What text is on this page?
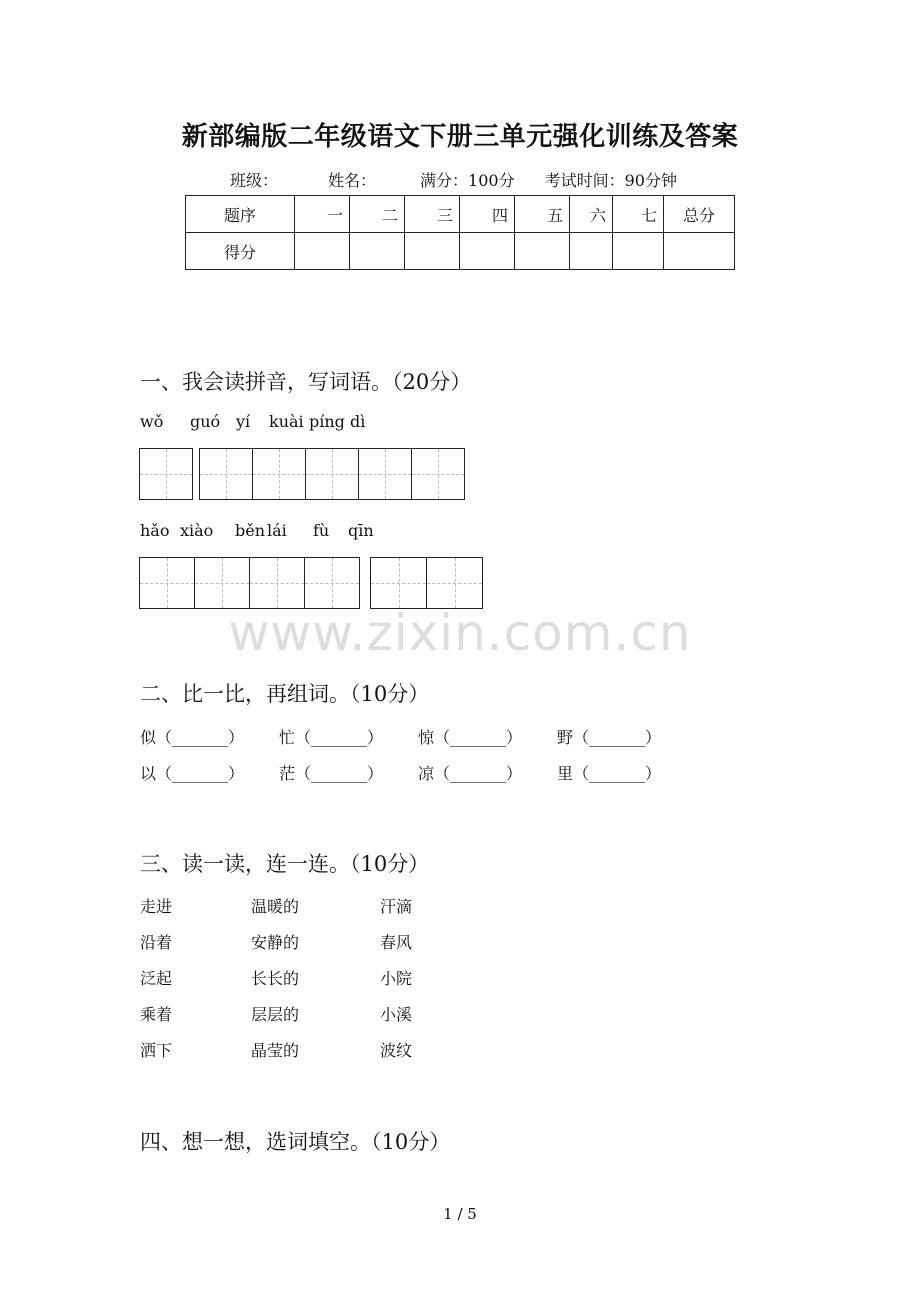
新部编版二年级语文下册三单元强化训练及答案
班级：	姓名：	满分：100分 考试时间：90分钟
题序	一	二	三	四	五	六	七	总分
得分								
一、我会读拼音，写词语。（20分）
wǒ guó yí kuài píng dì
hǎo xiào běn lái fù qīn
www.zixin.com.cn
二、比一比，再组词。（10分）
似（_______） 忙（_______） 惊（_______） 野（_______）
以（_______） 茫（_______） 凉（_______） 里（_______）
三、读一读，连一连。（10分）
走进	温暖的	汗滴
沿着	安静的	春风
泛起	长长的	小院
乘着	层层的	小溪
洒下	晶莹的	波纹
四、想一想，选词填空。（10分）
1 / 5
